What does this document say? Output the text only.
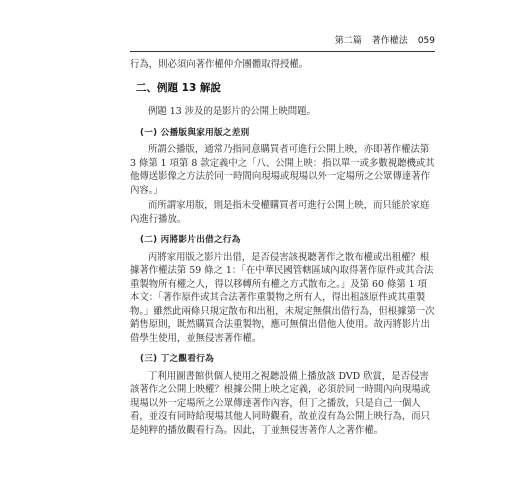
第二篇 著作權法 059

行為，則必須向著作權仲介團體取得授權。

二、例題 13 解說

例題 13 涉及的是影片的公開上映問題。

(一) 公播版與家用版之差別

所謂公播版，通常乃指同意購買者可進行公開上映，亦即著作權法第 3 條第 1 項第 8 款定義中之「八、公開上映：指以單一或多數視聽機或其他傳送影像之方法於同一時間向現場或現場以外一定場所之公眾傳達著作內容。」

而所謂家用版，則是指未受權購買者可進行公開上映，而只能於家庭內進行播放。

(二) 丙將影片出借之行為

丙將家用版之影片出借，是否侵害該視聽著作之散布權或出租權？根據著作權法第 59 條之 1：「在中華民國管轄區域內取得著作原件或其合法重製物所有權之人，得以移轉所有權之方式散布之。」及第 60 條第 1 項本文：「著作原件或其合法著作重製物之所有人，得出租該原件或其重製物。」雖然此兩條只規定散布和出租，未規定無償出借行為，但根據第一次銷售原則，既然購買合法重製物，應可無償出借他人使用。故丙將影片出借學生使用，並無侵害著作權。

(三) 丁之觀看行為

丁利用圖書館供個人使用之視聽設備上播放該 DVD 欣賞，是否侵害該著作之公開上映權？根據公開上映之定義，必須於同一時間內向現場或現場以外一定場所之公眾傳達著作內容，但丁之播放，只是自己一個人看，並沒有同時給現場其他人同時觀看，故並沒有為公開上映行為，而只是純粹的播放觀看行為。因此，丁並無侵害著作人之著作權。
